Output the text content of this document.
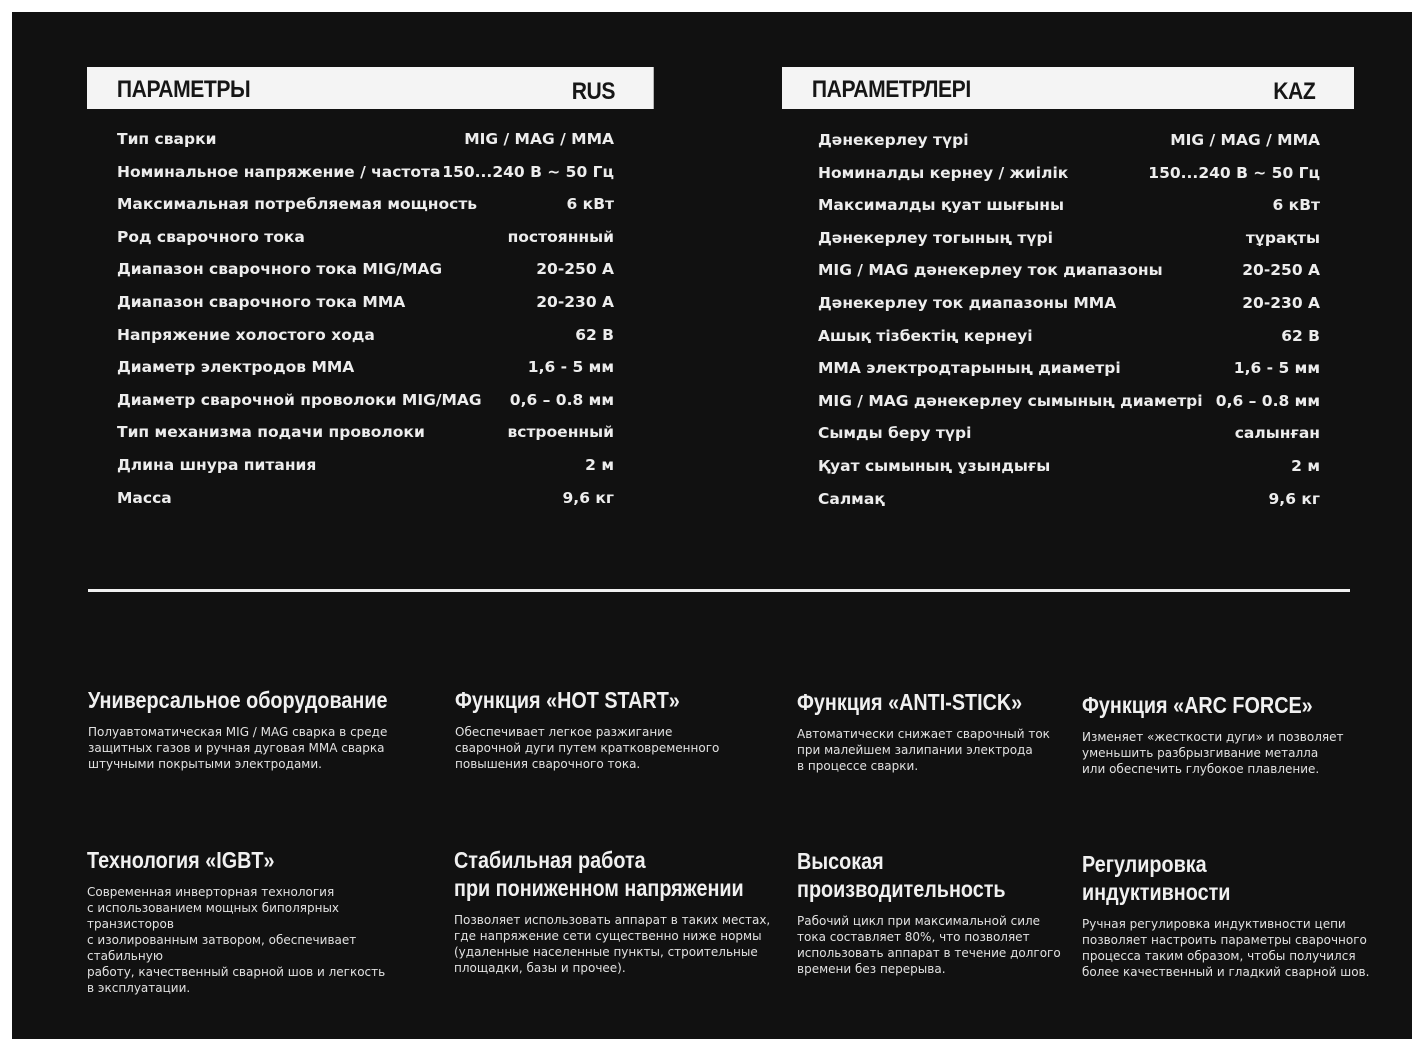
ПАРАМЕТРЫ	RUS	ПАРАМЕТРЛЕРІ	KAZ
Тип сварки	MIG / MAG / MMA
Номинальное напряжение / частота 150...240 В ~ 50 Гц
Максимальная потребляемая мощность	6 кВт
Род сварочного тока	постоянный
Диапазон сварочного тока MIG/MAG	20-250 А
Диапазон сварочного тока MMA	20-230 А
Напряжение холостого хода	62 В
Диаметр электродов MMA	1,6 - 5 мм
Диаметр сварочной проволоки MIG/MAG 0,6 – 0.8 мм
Тип механизма подачи проволоки	встроенный
Длина шнура питания	2 м
Масса	9,6 кг
Дәнекерлеу түрі	MIG / MAG / MMA
Номиналды кернеу / жиілік	150...240 В ~ 50 Гц
Максималды қуат шығыны	6 кВт
Дәнекерлеу тогының түрі	тұрақты
MIG / MAG дәнекерлеу ток диапазоны	20-250 А
Дәнекерлеу ток диапазоны MMA	20-230 А
Ашық тізбектің кернеуі	62 В
MMA электродтарының диаметрі	1,6 - 5 мм
MIG / MAG дәнекерлеу сымының диаметрі 0,6 – 0.8 мм
Сымды беру түрі	салынған
Қуат сымының ұзындығы	2 м
Салмақ	9,6 кг
Универсальное оборудование
Полуавтоматическая MIG / MAG сварка в среде
защитных газов и ручная дуговая MMA сварка
штучными покрытыми электродами.
Функция «HOT START»
Обеспечивает легкое разжигание
сварочной дуги путем кратковременного
повышения сварочного тока.
Функция «ANTI-STICK»
Автоматически снижает сварочный ток
при малейшем залипании электрода
в процессе сварки.
Функция «ARC FORCE»
Изменяет «жесткости дуги» и позволяет
уменьшить разбрызгивание металла
или обеспечить глубокое плавление.
Технология «IGBT»
Современная инверторная технология
с использованием мощных биполярных транзисторов
с изолированным затвором, обеспечивает стабильную
работу, качественный сварной шов и легкость
в эксплуатации.
Стабильная работа
при пониженном напряжении
Позволяет использовать аппарат в таких местах,
где напряжение сети существенно ниже нормы
(удаленные населенные пункты, строительные
площадки, базы и прочее).
Высокая
производительность
Рабочий цикл при максимальной силе
тока составляет 80%, что позволяет
использовать аппарат в течение долгого
времени без перерыва.
Регулировка
индуктивности
Ручная регулировка индуктивности цепи
позволяет настроить параметры сварочного
процесса таким образом, чтобы получился
более качественный и гладкий сварной шов.
